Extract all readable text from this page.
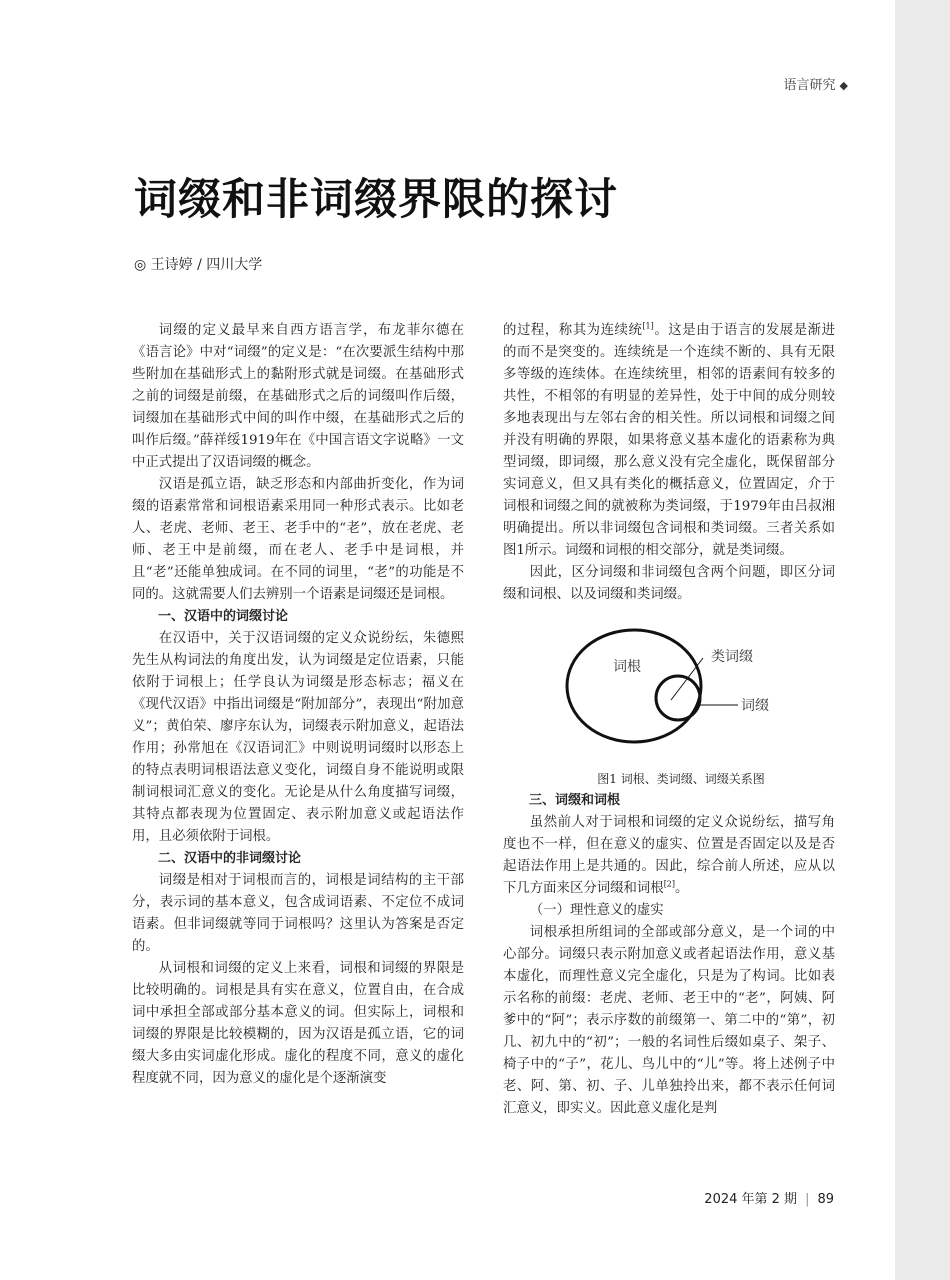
语言研究 ◆
词缀和非词缀界限的探讨
◎ 王诗婷 / 四川大学

词缀的定义最早来自西方语言学，布龙菲尔德在《语言论》中对“词缀”的定义是：“在次要派生结构中那些附加在基础形式上的黏附形式就是词缀。在基础形式之前的词缀是前缀，在基础形式之后的词缀叫作后缀，词缀加在基础形式中间的叫作中缀，在基础形式之后的叫作后缀。”薛祥绥1919年在《中国言语文字说略》一文中正式提出了汉语词缀的概念。

汉语是孤立语，缺乏形态和内部曲折变化，作为词缀的语素常常和词根语素采用同一种形式表示。比如老人、老虎、老师、老王、老手中的“老”，放在老虎、老师、老王中是前缀，而在老人、老手中是词根，并且“老”还能单独成词。在不同的词里，“老”的功能是不同的。这就需要人们去辨别一个语素是词缀还是词根。

一、汉语中的词缀讨论

在汉语中，关于汉语词缀的定义众说纷纭，朱德熙先生从构词法的角度出发，认为词缀是定位语素，只能依附于词根上；任学良认为词缀是形态标志；福义在《现代汉语》中指出词缀是“附加部分”，表现出“附加意义”；黄伯荣、廖序东认为，词缀表示附加意义，起语法作用；孙常旭在《汉语词汇》中则说明词缀时以形态上的特点表明词根语法意义变化，词缀自身不能说明或限制词根词汇意义的变化。无论是从什么角度描写词缀，其特点都表现为位置固定、表示附加意义或起语法作用，且必须依附于词根。

二、汉语中的非词缀讨论

词缀是相对于词根而言的，词根是词结构的主干部分，表示词的基本意义，包含成词语素、不定位不成词语素。但非词缀就等同于词根吗？这里认为答案是否定的。

从词根和词缀的定义上来看，词根和词缀的界限是比较明确的。词根是具有实在意义，位置自由，在合成词中承担全部或部分基本意义的词。但实际上，词根和词缀的界限是比较模糊的，因为汉语是孤立语，它的词缀大多由实词虚化形成。虚化的程度不同，意义的虚化程度就不同，因为意义的虚化是个逐渐演变

的过程，称其为连续统[1]。这是由于语言的发展是渐进的而不是突变的。连续统是一个连续不断的、具有无限多等级的连续体。在连续统里，相邻的语素间有较多的共性，不相邻的有明显的差异性，处于中间的成分则较多地表现出与左邻右舍的相关性。所以词根和词缀之间并没有明确的界限，如果将意义基本虚化的语素称为典型词缀，即词缀，那么意义没有完全虚化，既保留部分实词意义，但又具有类化的概括意义，位置固定，介于词根和词缀之间的就被称为类词缀，于1979年由吕叔湘明确提出。所以非词缀包含词根和类词缀。三者关系如图1所示。词缀和词根的相交部分，就是类词缀。

因此，区分词缀和非词缀包含两个问题，即区分词缀和词根、以及词缀和类词缀。

词根
类词缀
词缀

图1 词根、类词缀、词缀关系图

三、词缀和词根

虽然前人对于词根和词缀的定义众说纷纭，描写角度也不一样，但在意义的虚实、位置是否固定以及是否起语法作用上是共通的。因此，综合前人所述，应从以下几方面来区分词缀和词根[2]。

（一）理性意义的虚实

词根承担所组词的全部或部分意义，是一个词的中心部分。词缀只表示附加意义或者起语法作用，意义基本虚化，而理性意义完全虚化，只是为了构词。比如表示名称的前缀：老虎、老师、老王中的“老”，阿姨、阿爹中的“阿”；表示序数的前缀第一、第二中的“第”，初几、初九中的“初”；一般的名词性后缀如桌子、架子、椅子中的“子”，花儿、鸟儿中的“儿”等。将上述例子中老、阿、第、初、子、儿单独拎出来，都不表示任何词汇意义，即实义。因此意义虚化是判

2024 年第 2 期 | 89
